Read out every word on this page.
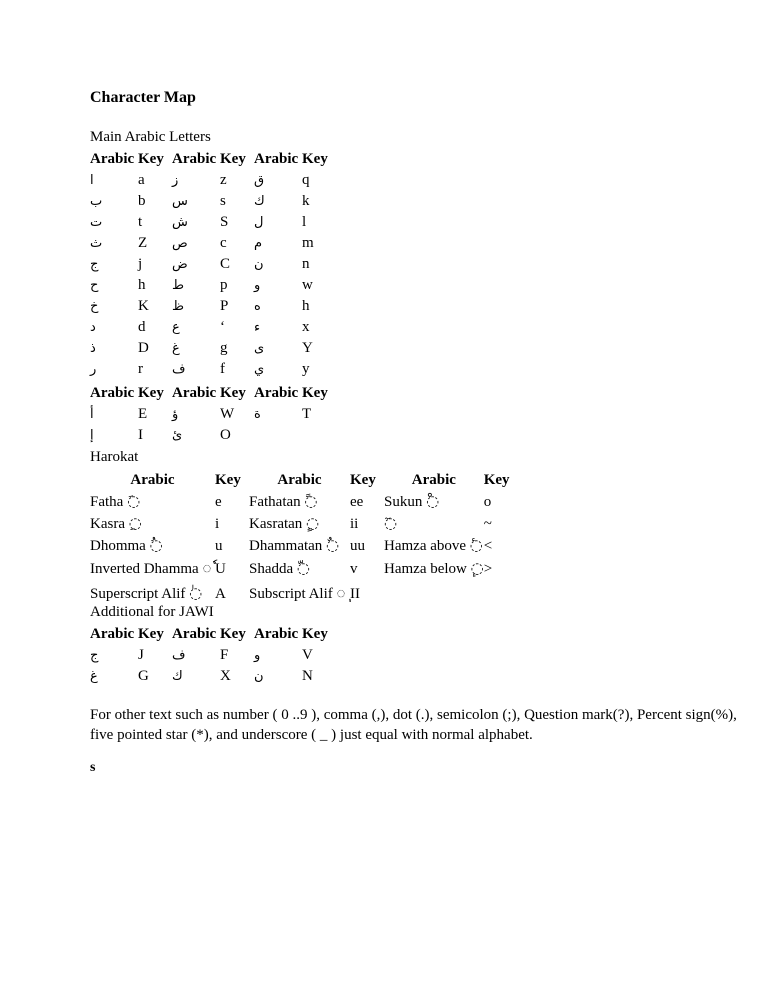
Character Map
Main Arabic Letters
Arabic	Key	Arabic	Key	Arabic	Key
ا	a	ز	z	ق	q
ب	b	س	s	ك	k
ت	t	ش	S	ل	l
ث	Z	ص	c	م	m
ج	j	ض	C	ن	n
ح	h	ط	p	و	w
خ	K	ظ	P	ه	h
د	d	ع	‘	ء	x
ذ	D	غ	g	ى	Y
ر	r	ف	f	ي	y
Arabic	Key	Arabic	Key	Arabic	Key
أ	E	ؤ	W	ة	T
إ	I	ئ	O		
Harokat
Arabic	Key	Arabic	Key	Arabic	Key
Fatha ◌َ	e	Fathatan ◌ً	ee	Sukun ◌ْ	o
Kasra ◌ِ	i	Kasratan ◌ٍ	ii	◌ٓ	~
Dhomma ◌ُ	u	Dhammatan ◌ٌ	uu	Hamza above ◌ٔ	<
Inverted Dhamma ◌ٗ	U	Shadda ◌ّ	v	Hamza below ◌ٕ	>
Superscript Alif ◌ٰ	A	Subscript Alif ◌ٖ	II		
Additional for JAWI
Arabic	Key	Arabic	Key	Arabic	Key
ج	J	ف	F	و	V
غ	G	ك	X	ن	N
For other text such as number ( 0 ..9 ), comma (,), dot (.), semicolon (;), Question mark(?), Percent sign(%), five pointed star (*), and underscore ( _ ) just equal with normal alphabet.
s
